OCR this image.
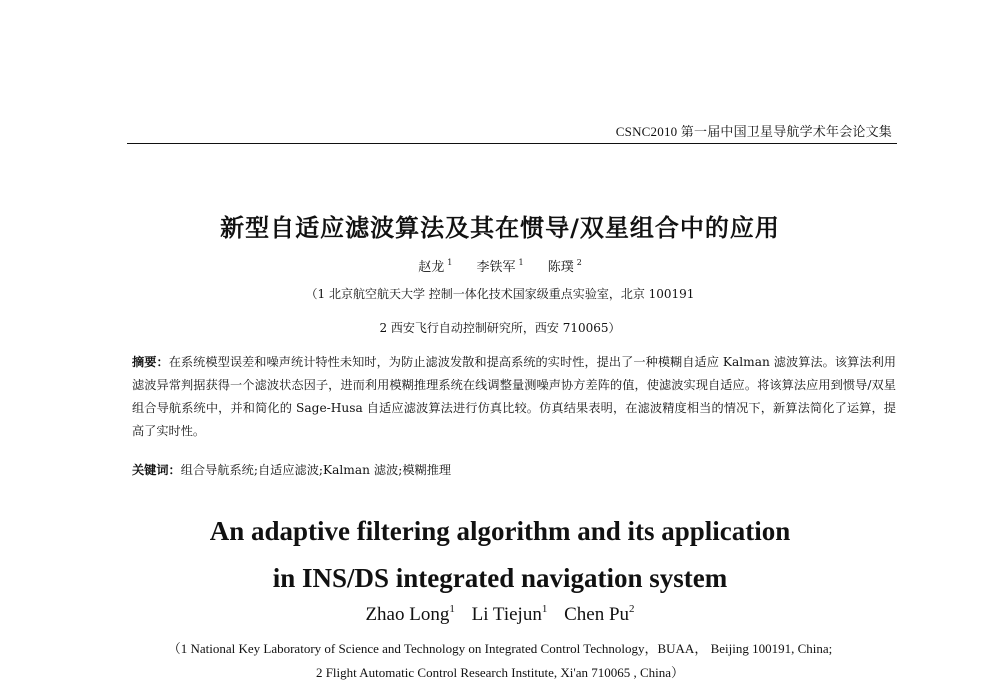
CSNC2010 第一届中国卫星导航学术年会论文集
新型自适应滤波算法及其在惯导/双星组合中的应用
赵龙 $^1$ 李铁军 $^1$ 陈璞 $^2$
（1 北京航空航天大学 控制一体化技术国家级重点实验室，北京 100191
2 西安飞行自动控制研究所，西安 710065）
摘要：在系统模型误差和噪声统计特性未知时，为防止滤波发散和提高系统的实时性，提出了一种模糊自适应 Kalman 滤波算法。该算法利用滤波异常判据获得一个滤波状态因子，进而利用模糊推理系统在线调整量测噪声协方差阵的值，使滤波实现自适应。将该算法应用到惯导/双星组合导航系统中，并和简化的 Sage-Husa 自适应滤波算法进行仿真比较。仿真结果表明，在滤波精度相当的情况下，新算法简化了运算，提高了实时性。
关键词：组合导航系统;自适应滤波;Kalman 滤波;模糊推理
An adaptive filtering algorithm and its application
in INS/DS integrated navigation system
Zhao Long$^1$ Li Tiejun$^1$ Chen Pu$^2$
（1 National Key Laboratory of Science and Technology on Integrated Control Technology，BUAA， Beijing 100191, China;
2 Flight Automatic Control Research Institute, Xi'an 710065 , China）
